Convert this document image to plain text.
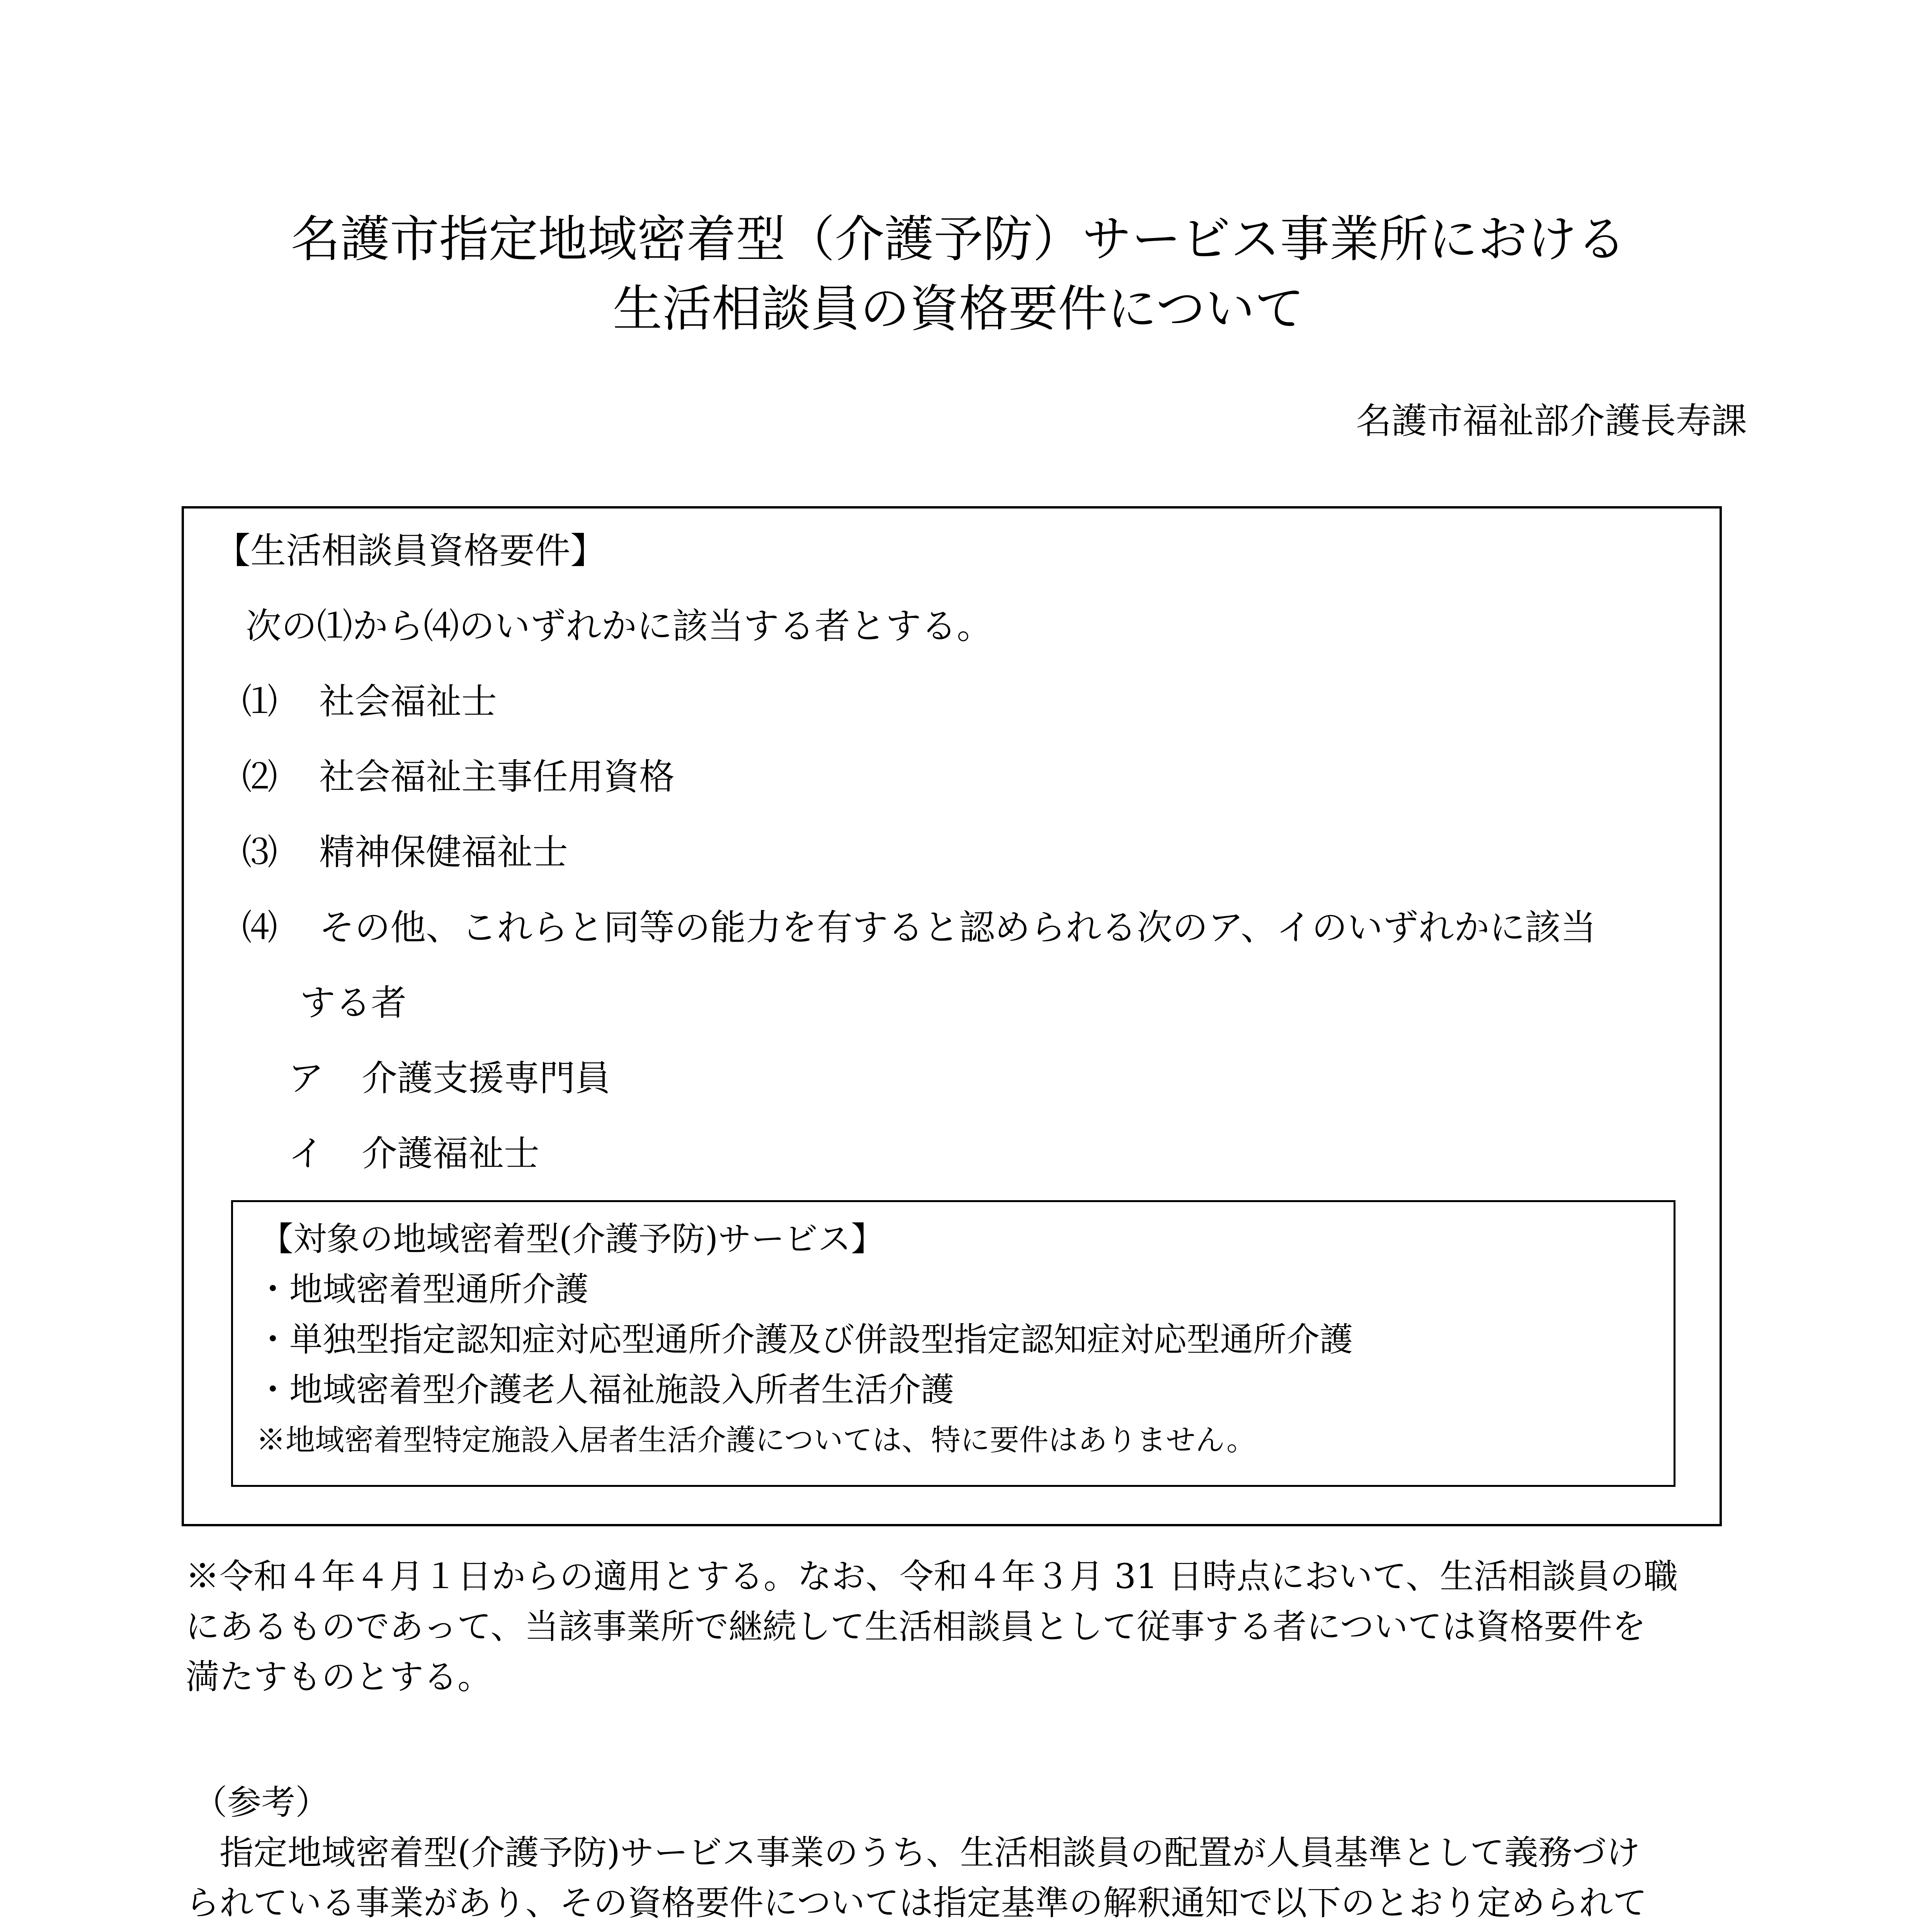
名護市指定地域密着型（介護予防）サービス事業所における
生活相談員の資格要件について
名護市福祉部介護長寿課
【生活相談員資格要件】
次の⑴から⑷のいずれかに該当する者とする。
⑴ 社会福祉士
⑵ 社会福祉主事任用資格
⑶ 精神保健福祉士
⑷ その他、これらと同等の能力を有すると認められる次のア、イのいずれかに該当
する者
ア 介護支援専門員
イ 介護福祉士
【対象の地域密着型(介護予防)サービス】
・地域密着型通所介護
・単独型指定認知症対応型通所介護及び併設型指定認知症対応型通所介護
・地域密着型介護老人福祉施設入所者生活介護
※地域密着型特定施設入居者生活介護については、特に要件はありません。
※令和４年４月１日からの適用とする。なお、令和４年３月 31 日時点において、生活相談員の職
にあるものであって、当該事業所で継続して生活相談員として従事する者については資格要件を
満たすものとする。
（参考）
　指定地域密着型(介護予防)サービス事業のうち、生活相談員の配置が人員基準として義務づけ
られている事業があり、その資格要件については指定基準の解釈通知で以下のとおり定められて
